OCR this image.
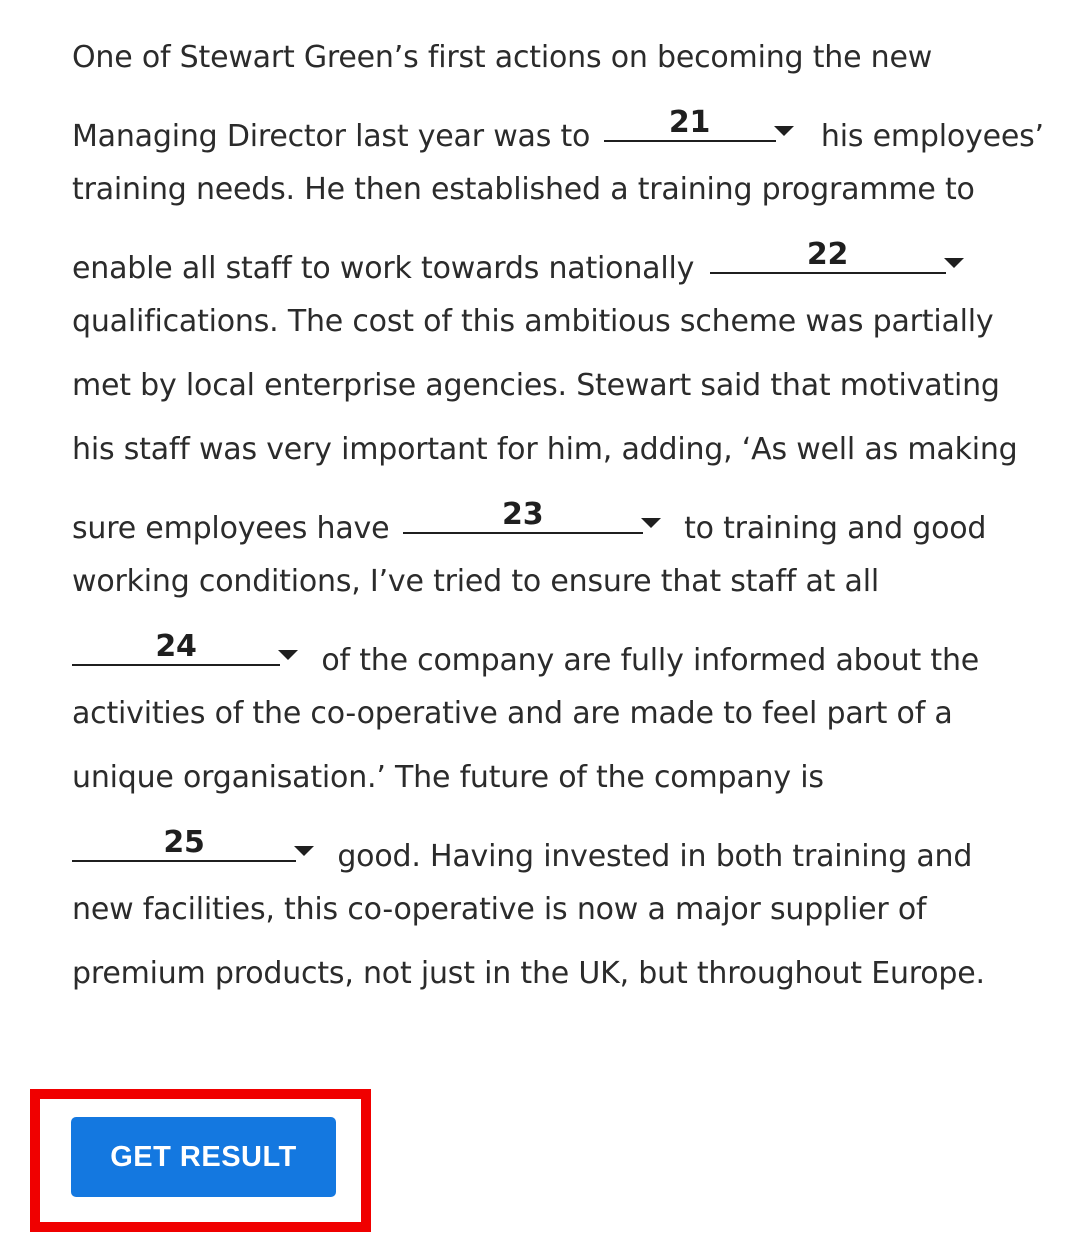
One of Stewart Green’s first actions on becoming the new
Managing Director last year was to	21	his employees’
training needs. He then established a training programme to
enable all staff to work towards nationally	22
qualifications. The cost of this ambitious scheme was partially
met by local enterprise agencies. Stewart said that motivating
his staff was very important for him, adding, ‘As well as making
sure employees have	23	to training and good
working conditions, I’ve tried to ensure that staff at all
24	of the company are fully informed about the
activities of the co-operative and are made to feel part of a
unique organisation.’ The future of the company is
25	good. Having invested in both training and
new facilities, this co-operative is now a major supplier of
premium products, not just in the UK, but throughout Europe.
GET RESULT
